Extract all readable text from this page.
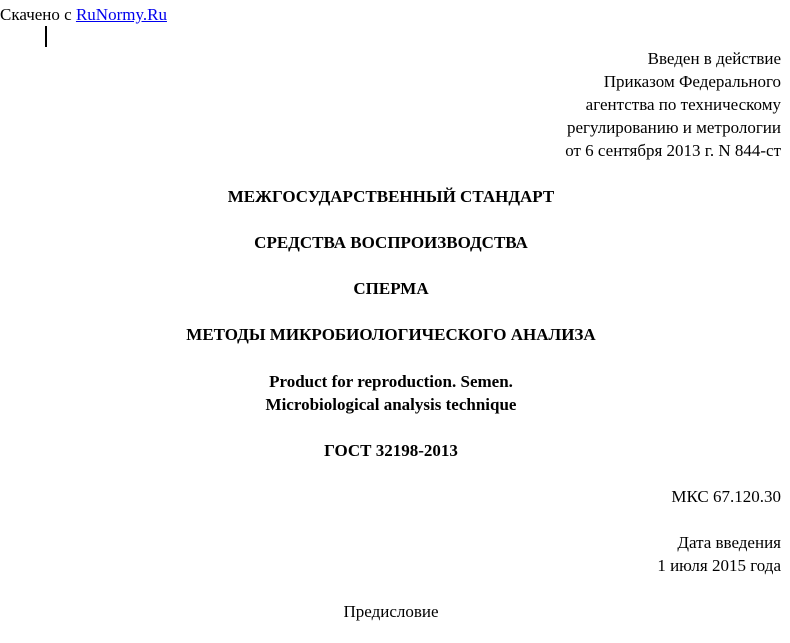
Скачено с RuNormy.Ru
Введен в действие
Приказом Федерального
агентства по техническому
регулированию и метрологии
от 6 сентября 2013 г. N 844-ст
МЕЖГОСУДАРСТВЕННЫЙ СТАНДАРТ
СРЕДСТВА ВОСПРОИЗВОДСТВА
СПЕРМА
МЕТОДЫ МИКРОБИОЛОГИЧЕСКОГО АНАЛИЗА
Product for reproduction. Semen.
Microbiological analysis technique
ГОСТ 32198-2013
МКС 67.120.30
Дата введения
1 июля 2015 года
Предисловие
